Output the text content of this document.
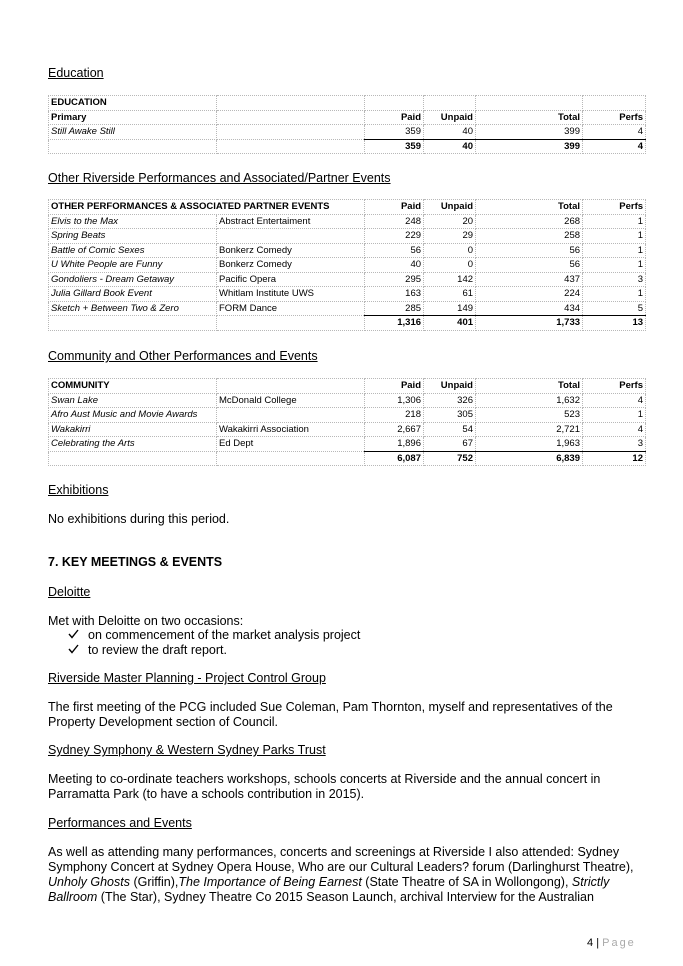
Education
EDUCATION					
Primary		Paid	Unpaid	Total	Perfs
Still Awake Still		359	40	399	4
		359	40	399	4
Other Riverside Performances and Associated/Partner Events
OTHER PERFORMANCES & ASSOCIATED PARTNER EVENTS		Paid	Unpaid	Total	Perfs
Elvis to the Max	Abstract Entertaiment	248	20	268	1
Spring Beats		229	29	258	1
Battle of Comic Sexes	Bonkerz Comedy	56	0	56	1
U White People are Funny	Bonkerz Comedy	40	0	56	1
Gondoliers - Dream Getaway	Pacific Opera	295	142	437	3
Julia Gillard Book Event	Whitlam Institute UWS	163	61	224	1
Sketch + Between Two & Zero	FORM Dance	285	149	434	5
		1,316	401	1,733	13
Community and Other Performances and Events
COMMUNITY		Paid	Unpaid	Total	Perfs
Swan Lake	McDonald College	1,306	326	1,632	4
Afro Aust Music and Movie Awards		218	305	523	1
Wakakirri	Wakakirri Association	2,667	54	2,721	4
Celebrating the Arts	Ed Dept	1,896	67	1,963	3
		6,087	752	6,839	12
Exhibitions
No exhibitions during this period.
7. KEY MEETINGS & EVENTS
Deloitte
Met with Deloitte on two occasions:
on commencement of the market analysis project
to review the draft report.
Riverside Master Planning - Project Control Group
The first meeting of the PCG included Sue Coleman, Pam Thornton, myself and representatives of the Property Development section of Council.
Sydney Symphony & Western Sydney Parks Trust
Meeting to co-ordinate teachers workshops, schools concerts at Riverside and the annual concert in Parramatta Park (to have a schools contribution in 2015).
Performances and Events
As well as attending many performances, concerts and screenings at Riverside I also attended: Sydney Symphony Concert at Sydney Opera House, Who are our Cultural Leaders? forum (Darlinghurst Theatre), Unholy Ghosts (Griffin),The Importance of Being Earnest (State Theatre of SA in Wollongong), Strictly Ballroom (The Star), Sydney Theatre Co 2015 Season Launch, archival Interview for the Australian
4 | Page
